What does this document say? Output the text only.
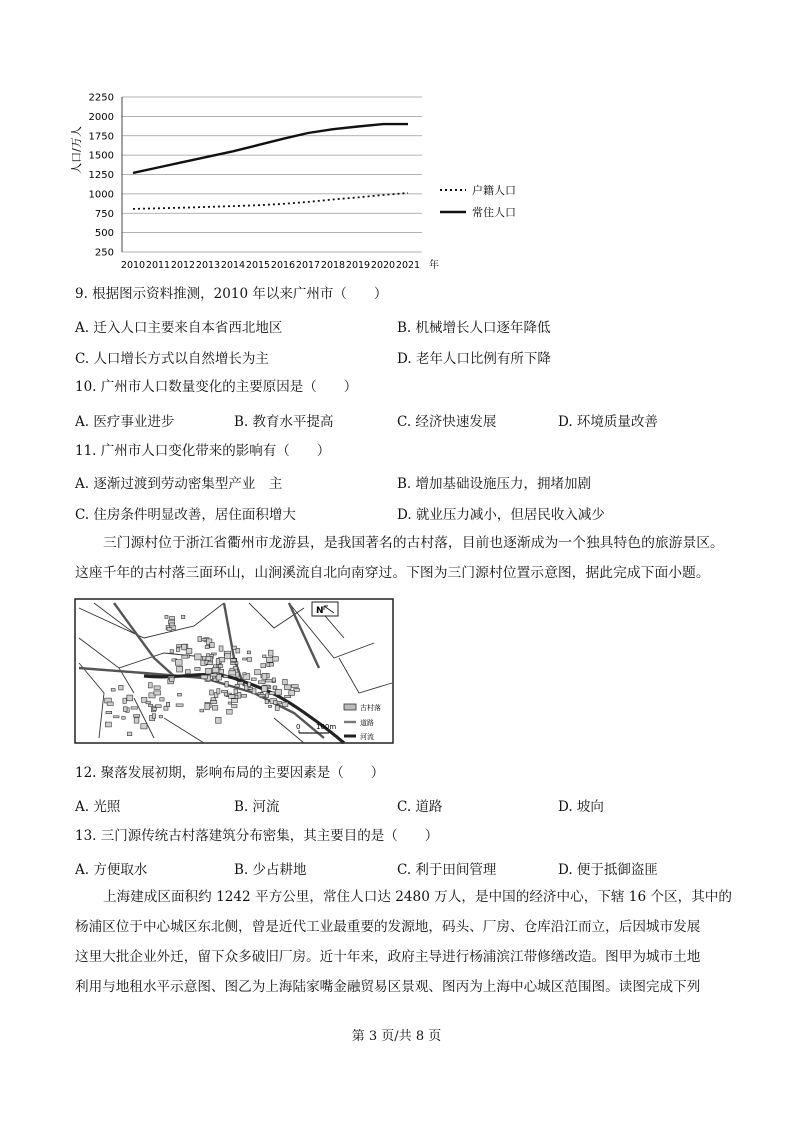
250
500
750
1000
1250
1500
1750
2000
2250
2010 2011 2012 2013 2014 2015 2016 2017 2018 2019 2020 2021
人口/万人
年
户籍人口
常住人口
9. 根据图示资料推测，2010 年以来广州市（　　）
A. 迁入人口主要来自本省西北地区	B. 机械增长人口逐年降低
C. 人口增长方式以自然增长为主	D. 老年人口比例有所下降
10. 广州市人口数量变化的主要原因是（　　）
A. 医疗事业进步	B. 教育水平提高	C. 经济快速发展	D. 环境质量改善
11. 广州市人口变化带来的影响有（　　）
A. 逐渐过渡到劳动密集型产业　主	B. 增加基础设施压力，拥堵加剧
C. 住房条件明显改善，居住面积增大	D. 就业压力减小，但居民收入减少
三门源村位于浙江省衢州市龙游县，是我国著名的古村落，目前也逐渐成为一个独具特色的旅游景区。
这座千年的古村落三面环山，山涧溪流自北向南穿过。下图为三门源村位置示意图，据此完成下面小题。
N
0 100m
古村落
道路
河流
12. 聚落发展初期，影响布局的主要因素是（　　）
A. 光照	B. 河流	C. 道路	D. 坡向
13. 三门源传统古村落建筑分布密集，其主要目的是（　　）
A. 方便取水	B. 少占耕地	C. 利于田间管理	D. 便于抵御盗匪
上海建成区面积约 1242 平方公里，常住人口达 2480 万人，是中国的经济中心，下辖 16 个区，其中的
杨浦区位于中心城区东北侧，曾是近代工业最重要的发源地，码头、厂房、仓库沿江而立，后因城市发展
这里大批企业外迁，留下众多破旧厂房。近十年来，政府主导进行杨浦滨江带修缮改造。图甲为城市土地
利用与地租水平示意图、图乙为上海陆家嘴金融贸易区景观、图丙为上海中心城区范围图。读图完成下列
第 3 页/共 8 页
